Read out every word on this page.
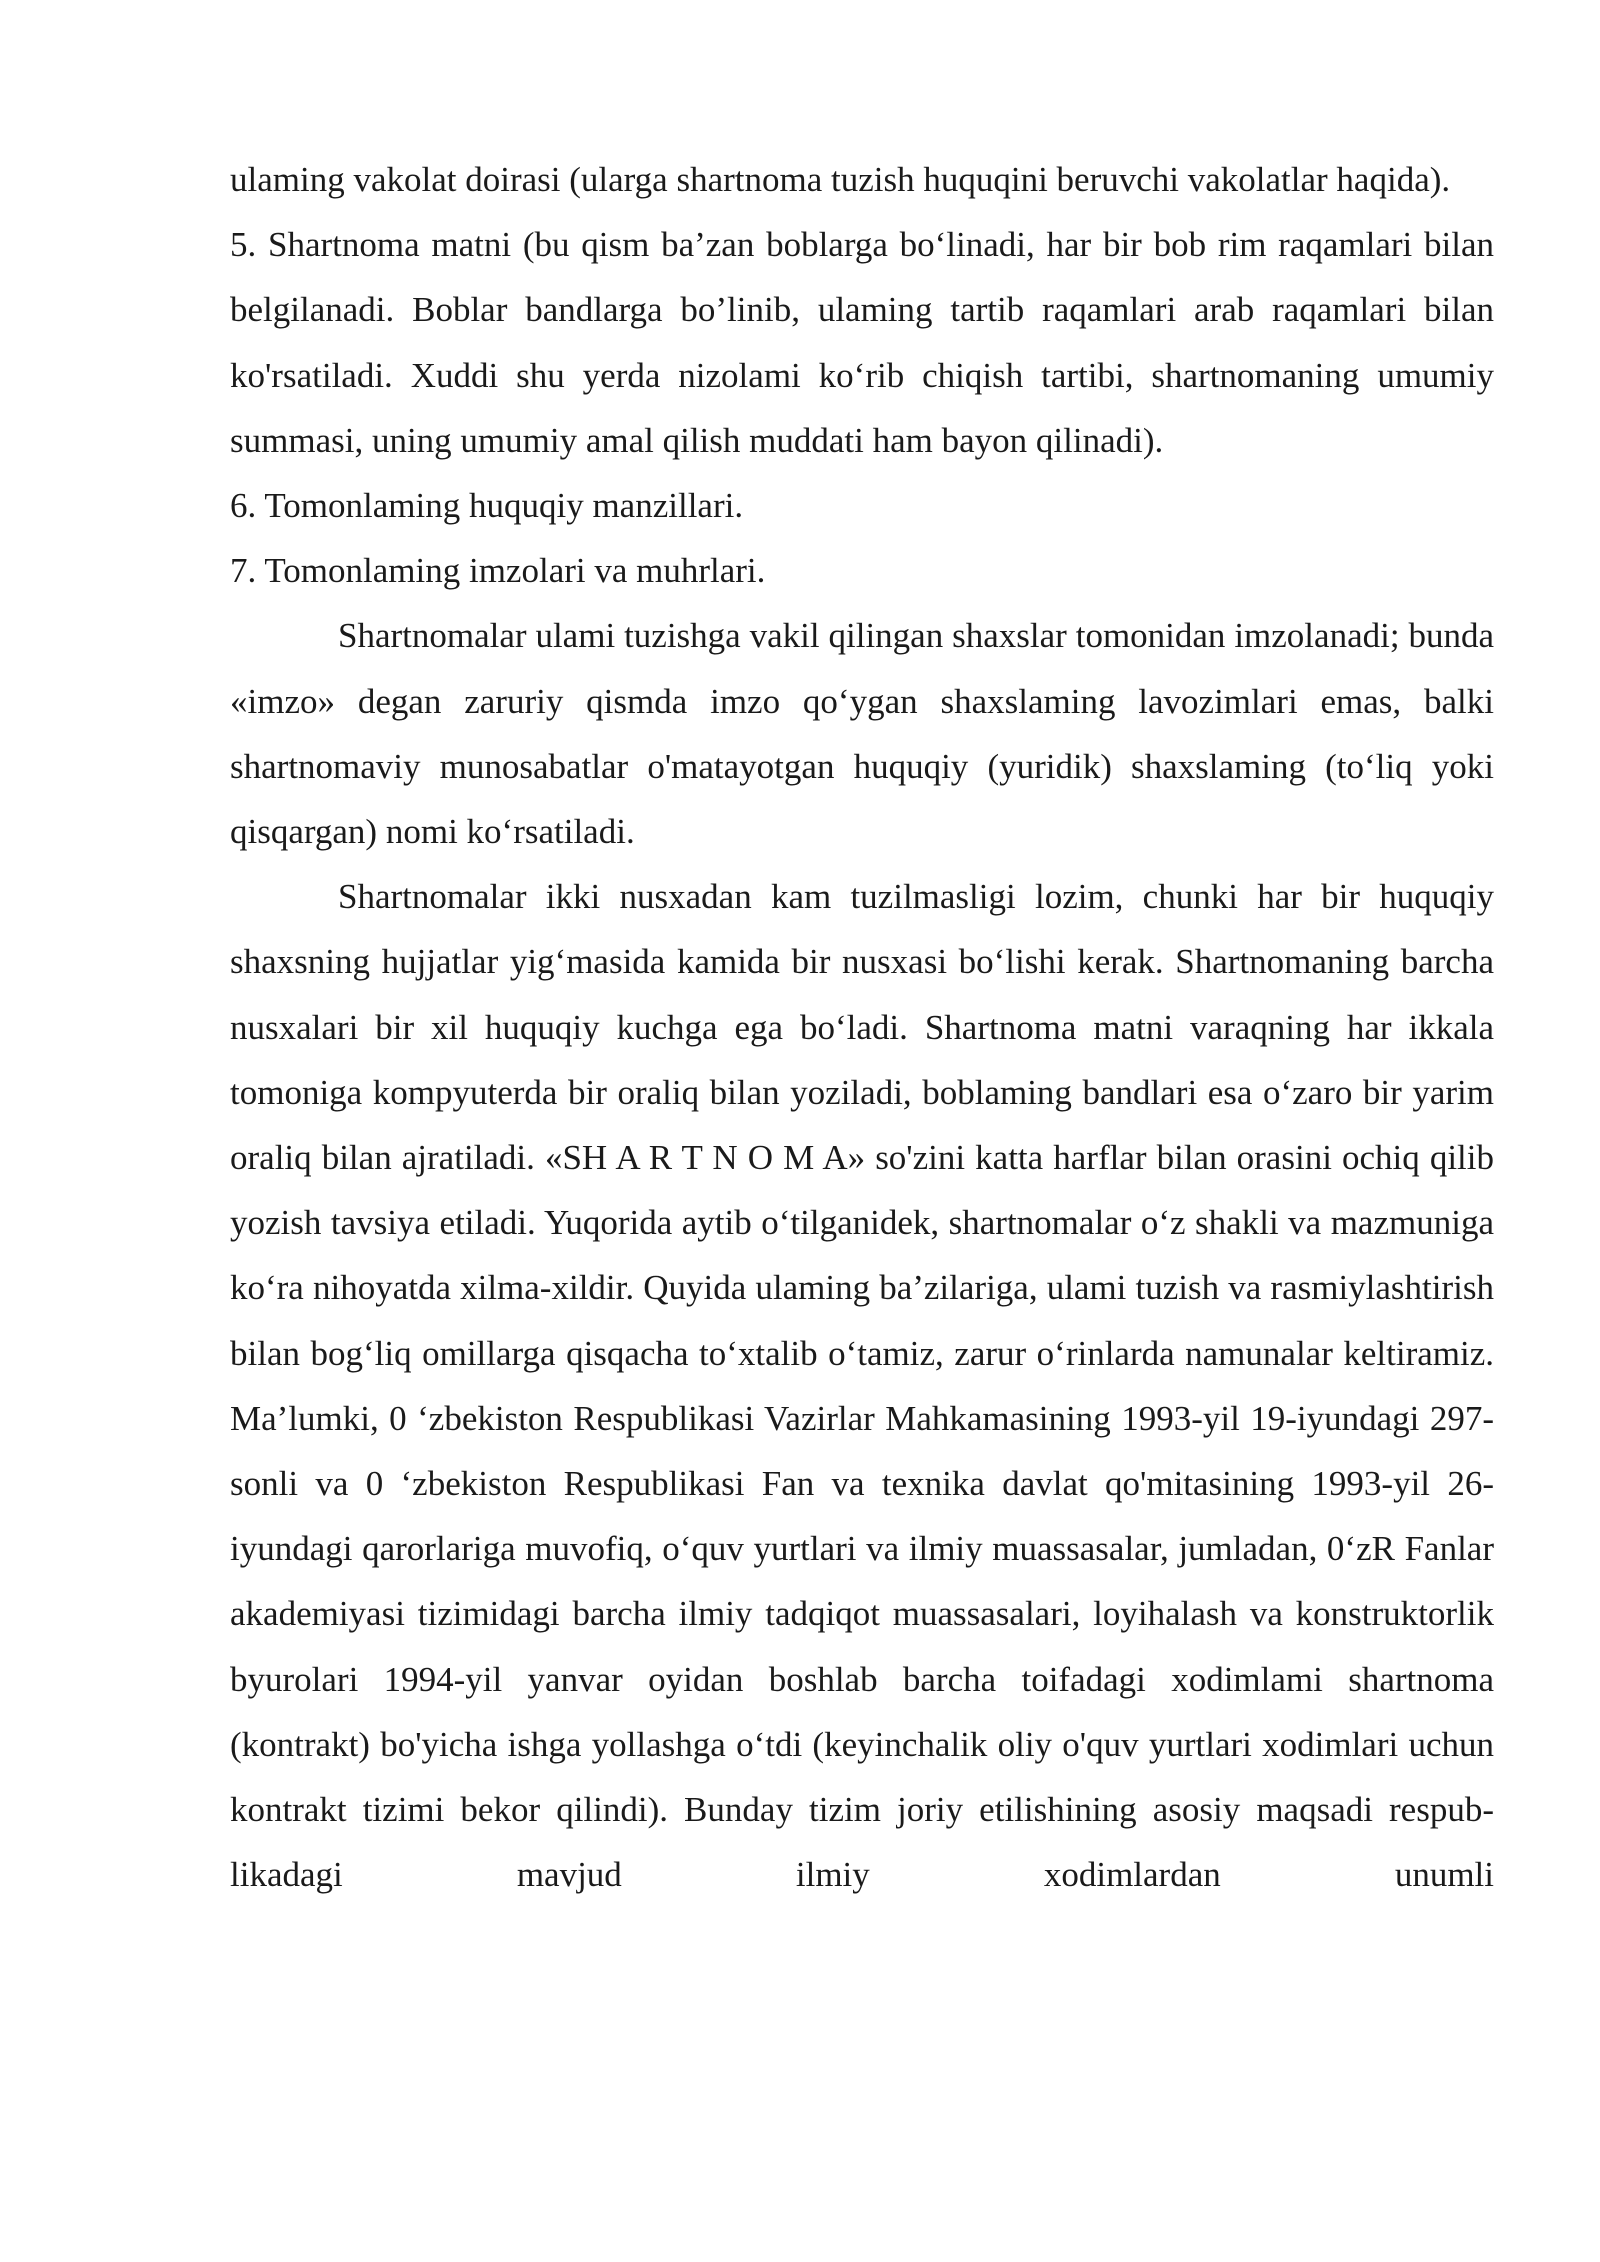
ulaming vakolat doirasi (ularga shartnoma tuzish huquqini beruvchi vakolatlar haqida).

5. Shartnoma matni (bu qism ba’zan boblarga bo‘linadi, har bir bob rim raqamlari bilan belgilanadi. Boblar bandlarga bo’linib, ulaming tartib raqamlari arab raqamlari bilan ko'rsatiladi. Xuddi shu yerda nizolami ko‘rib chiqish tartibi, shartnomaning umumiy summasi, uning umumiy amal qilish muddati ham bayon qilinadi).

6. Tomonlaming huquqiy manzillari.

7. Tomonlaming imzolari va muhrlari.

Shartnomalar ulami tuzishga vakil qilingan shaxslar tomonidan imzolanadi; bunda «imzo» degan zaruriy qismda imzo qo‘ygan shaxslaming lavozimlari emas, balki shartnomaviy munosabatlar o'matayotgan huquqiy (yuridik) shaxslaming (to‘liq yoki qisqargan) nomi ko‘rsatiladi.

Shartnomalar ikki nusxadan kam tuzilmasligi lozim, chunki har bir huquqiy shaxsning hujjatlar yig‘masida kamida bir nusxasi bo‘lishi kerak. Shartnomaning barcha nusxalari bir xil huquqiy kuchga ega bo‘ladi. Shartnoma matni varaqning har ikkala tomoniga kompyuterda bir oraliq bilan yoziladi, boblaming bandlari esa o‘zaro bir yarim oraliq bilan ajratiladi. «SH A R T N O M A» so'zini katta harflar bilan orasini ochiq qilib yozish tavsiya etiladi. Yuqorida aytib o‘tilganidek, shartnomalar o‘z shakli va mazmuniga ko‘ra nihoyatda xilma-xildir. Quyida ulaming ba’zilariga, ulami tuzish va rasmiylashtirish bilan bog‘liq omillarga qisqacha to‘xtalib o‘tamiz, zarur o‘rinlarda namunalar keltiramiz. Ma’lumki, 0 ‘zbekiston Respublikasi Vazirlar Mahkamasining 1993-yil 19-iyundagi 297-sonli va 0 ‘zbekiston Respublikasi Fan va texnika davlat qo'mitasining 1993-yil 26-iyundagi qarorlariga muvofiq, o‘quv yurtlari va ilmiy muassasalar, jumladan, 0‘zR Fanlar akademiyasi tizimidagi barcha ilmiy tadqiqot muassasalari, loyihalash va konstruktorlik byurolari 1994-yil yanvar oyidan boshlab barcha toifadagi xodimlami shartnoma (kontrakt) bo'yicha ishga yollashga o‘tdi (keyinchalik oliy o'quv yurtlari xodimlari uchun kontrakt tizimi bekor qilindi). Bunday tizim joriy etilishining asosiy maqsadi respub- likadagi mavjud ilmiy xodimlardan unumli
